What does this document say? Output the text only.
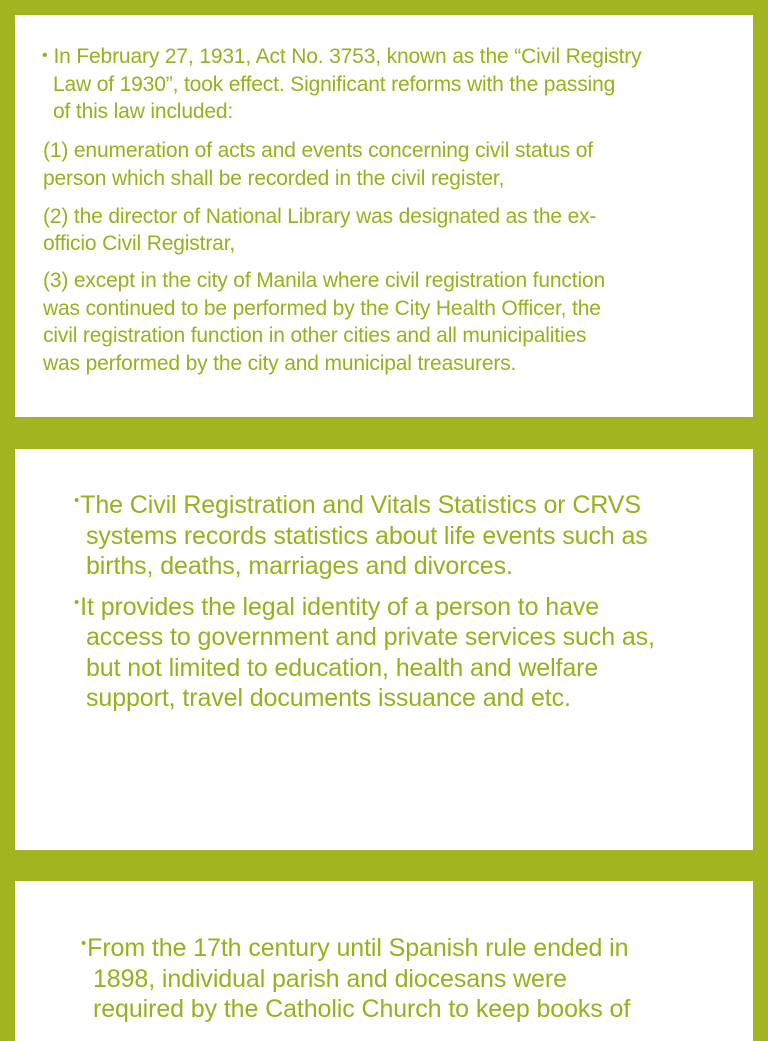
• In February 27, 1931, Act No. 3753, known as the “Civil Registry

Law of 1930”, took effect. Significant reforms with the passing

of this law included:

(1) enumeration of acts and events concerning civil status of

person which shall be recorded in the civil register,

(2) the director of National Library was designated as the ex-

officio Civil Registrar,

(3) except in the city of Manila where civil registration function

was continued to be performed by the City Health Officer, the

civil registration function in other cities and all municipalities

was performed by the city and municipal treasurers.

•The Civil Registration and Vitals Statistics or CRVS

systems records statistics about life events such as

births, deaths, marriages and divorces.

•It provides the legal identity of a person to have

access to government and private services such as,

but not limited to education, health and welfare

support, travel documents issuance and etc.

•From the 17th century until Spanish rule ended in

1898, individual parish and diocesans were

required by the Catholic Church to keep books of
